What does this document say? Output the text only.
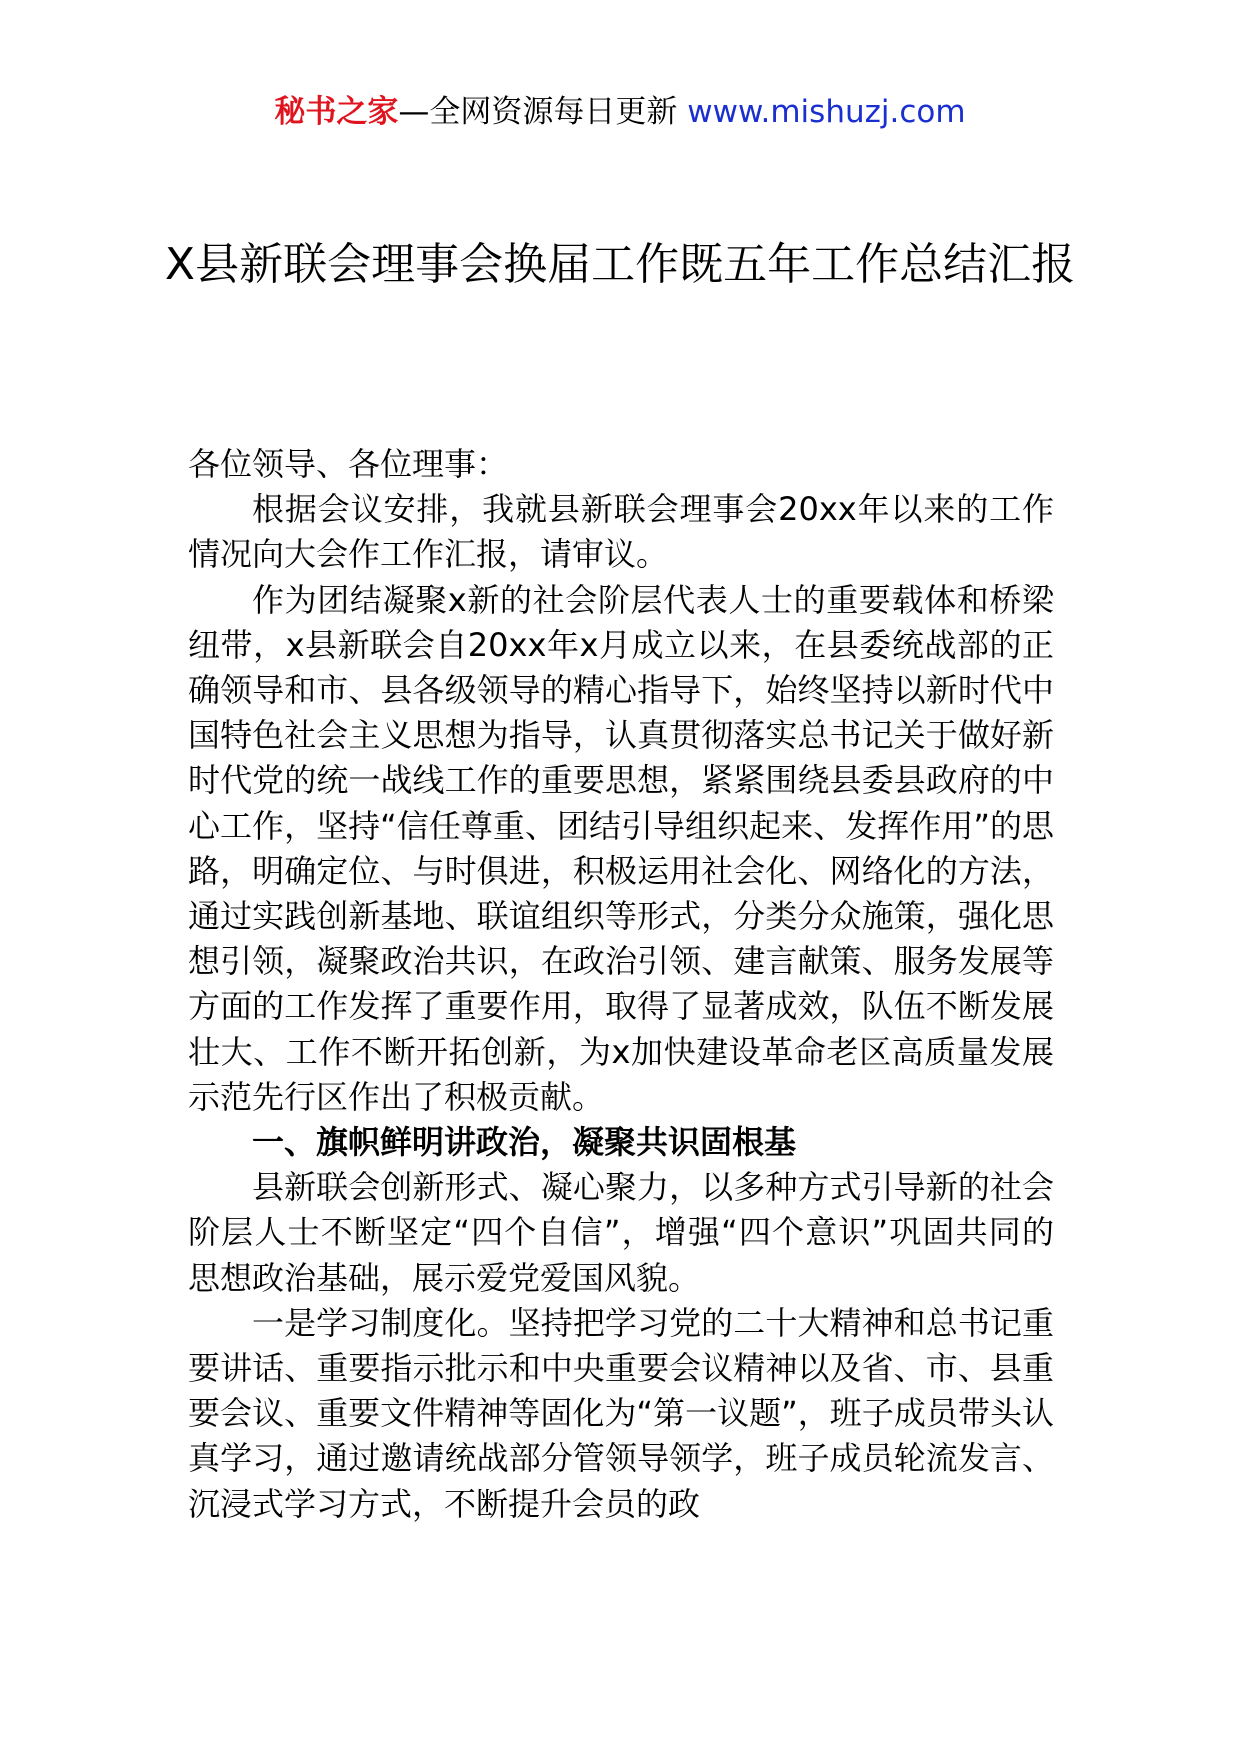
秘书之家—全网资源每日更新 www.mishuzj.com
X县新联会理事会换届工作既五年工作总结汇报

各位领导、各位理事：

根据会议安排，我就县新联会理事会20xx年以来的工作情况向大会作工作汇报，请审议。

作为团结凝聚x新的社会阶层代表人士的重要载体和桥梁纽带，x县新联会自20xx年x月成立以来，在县委统战部的正确领导和市、县各级领导的精心指导下，始终坚持以新时代中国特色社会主义思想为指导，认真贯彻落实总书记关于做好新时代党的统一战线工作的重要思想，紧紧围绕县委县政府的中心工作，坚持“信任尊重、团结引导组织起来、发挥作用”的思路，明确定位、与时俱进，积极运用社会化、网络化的方法，通过实践创新基地、联谊组织等形式，分类分众施策，强化思想引领，凝聚政治共识，在政治引领、建言献策、服务发展等方面的工作发挥了重要作用，取得了显著成效，队伍不断发展壮大、工作不断开拓创新，为x加快建设革命老区高质量发展示范先行区作出了积极贡献。

一、旗帜鲜明讲政治，凝聚共识固根基

县新联会创新形式、凝心聚力，以多种方式引导新的社会阶层人士不断坚定“四个自信”，增强“四个意识”巩固共同的思想政治基础，展示爱党爱国风貌。

一是学习制度化。坚持把学习党的二十大精神和总书记重要讲话、重要指示批示和中央重要会议精神以及省、市、县重要会议、重要文件精神等固化为“第一议题”，班子成员带头认真学习，通过邀请统战部分管领导领学，班子成员轮流发言、沉浸式学习方式，不断提升会员的政
